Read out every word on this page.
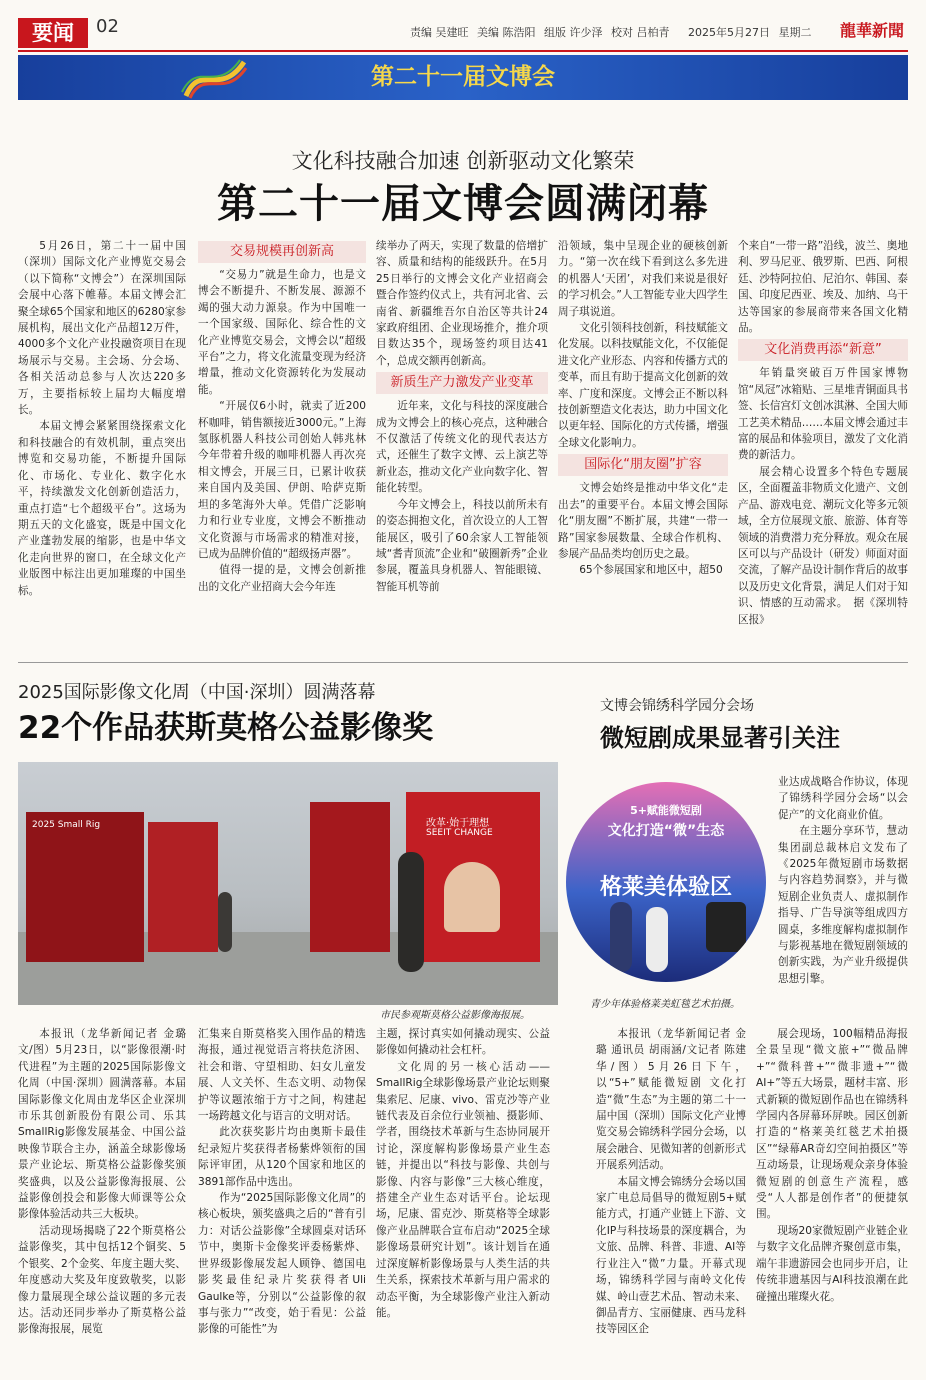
要闻	02	责编 吴建旺 美编 陈浩阳 组版 许少泽 校对 吕柏青 2025年5月27日 星期二	龍華新聞
第二十一届文博会
文化科技融合加速 创新驱动文化繁荣
第二十一届文博会圆满闭幕

5月26日，第二十一届中国（深圳）国际文化产业博览交易会（以下简称“文博会”）在深圳国际会展中心落下帷幕。本届文博会汇聚全球65个国家和地区的6280家参展机构，展出文化产品超12万件，4000多个文化产业投融资项目在现场展示与交易。主会场、分会场、各相关活动总参与人次达220多万，主要指标较上届均大幅度增长。

本届文博会紧紧围绕探索文化和科技融合的有效机制，重点突出博览和交易功能，不断提升国际化、市场化、专业化、数字化水平，持续激发文化创新创造活力，重点打造“七个超级平台”。这场为期五天的文化盛宴，既是中国文化产业蓬勃发展的缩影，也是中华文化走向世界的窗口，在全球文化产业版图中标注出更加璀璨的中国坐标。

交易规模再创新高

“交易力”就是生命力，也是文博会不断提升、不断发展、源源不竭的强大动力源泉。作为中国唯一一个国家级、国际化、综合性的文化产业博览交易会，文博会以“超级平台”之力，将文化流量变现为经济增量，推动文化资源转化为发展动能。

“开展仅6小时，就卖了近200杯咖啡，销售额接近3000元。”上海氢豚机器人科技公司创始人韩兆林今年带着升级的咖啡机器人再次亮相文博会，开展三日，已累计收获来自国内及美国、伊朗、哈萨克斯坦的多笔海外大单。凭借广泛影响力和行业专业度，文博会不断推动文化资源与市场需求的精准对接，已成为品牌价值的“超级扬声器”。

值得一提的是，文博会创新推出的文化产业招商大会今年连

续举办了两天，实现了数量的倍增扩容、质量和结构的能级跃升。在5月25日举行的文博会文化产业招商会暨合作签约仪式上，共有河北省、云南省、新疆维吾尔自治区等共计24家政府组团、企业现场推介，推介项目数达35个，现场签约项目达41个，总成交额再创新高。

新质生产力激发产业变革

近年来，文化与科技的深度融合成为文博会上的核心亮点，这种融合不仅激活了传统文化的现代表达方式，还催生了数字文博、云上演艺等新业态，推动文化产业向数字化、智能化转型。

今年文博会上，科技以前所未有的姿态拥抱文化，首次设立的人工智能展区，吸引了60余家人工智能领域“耆青顶流”企业和“破圈新秀”企业参展，覆盖具身机器人、智能眼镜、智能耳机等前

沿领域，集中呈现企业的硬核创新力。“第一次在线下看到这么多先进的机器人‘天团’，对我们来说是很好的学习机会。”人工智能专业大四学生周子琪说道。

文化引领科技创新，科技赋能文化发展。以科技赋能文化，不仅能促进文化产业形态、内容和传播方式的变革，而且有助于提高文化创新的效率、广度和深度。文博会正不断以科技创新塑造文化表达，助力中国文化以更年轻、国际化的方式传播，增强全球文化影响力。

国际化“朋友圈”扩容

文博会始终是推动中华文化“走出去”的重要平台。本届文博会国际化“朋友圈”不断扩展，共建“一带一路”国家参展数量、全球合作机构、参展产品品类均创历史之最。

65个参展国家和地区中，超50

个来自“一带一路”沿线，波兰、奥地利、罗马尼亚、俄罗斯、巴西、阿根廷、沙特阿拉伯、尼泊尔、韩国、泰国、印度尼西亚、埃及、加纳、乌干达等国家的参展商带来各国文化精品。

文化消费再添“新意”

年销量突破百万件国家博物馆“凤冠”冰箱贴、三星堆青铜面具书签、长信宫灯文创冰淇淋、全国大师工艺美术精品……本届文博会通过丰富的展品和体验项目，激发了文化消费的新活力。

展会精心设置多个特色专题展区，全面覆盖非物质文化遗产、文创产品、游戏电竞、潮玩文化等多元领域，全方位展现文旅、旅游、体育等领域的消费潜力充分释放。观众在展区可以与产品设计（研发）师面对面交流，了解产品设计制作背后的故事以及历史文化背景，满足人们对于知识、情感的互动需求。　据《深圳特区报》

2025国际影像文化周（中国·深圳）圆满落幕
22个作品获斯莫格公益影像奖
2025 Small Rig	改革·始于理想
SEEIT CHANGE
市民参观斯莫格公益影像海报展。

本报讯（龙华新闻记者 金璐 文/图）5月23日，以“影像很潮·时代进程”为主题的2025国际影像文化周（中国·深圳）圆满落幕。本届国际影像文化周由龙华区企业深圳市乐其创新股份有限公司、乐其SmallRig影像发展基金、中国公益映像节联合主办，涵盖全球影像场景产业论坛、斯莫格公益影像奖颁奖盛典，以及公益影像海报展、公益影像创投会和影像大师课等公众影像体验活动共三大板块。

活动现场揭晓了22个斯莫格公益影像奖，其中包括12个铜奖、5个银奖、2个金奖、年度主题大奖、年度感动大奖及年度致敬奖，以影像力量展现全球公益议题的多元表达。活动还同步举办了斯莫格公益影像海报展，展览

汇集来自斯莫格奖入围作品的精选海报，通过视觉语言将扶危济困、社会和谐、守望相助、妇女儿童发展、人文关怀、生态文明、动物保护等议题浓缩于方寸之间，构建起一场跨越文化与语言的文明对话。

此次获奖影片均由奥斯卡最佳纪录短片奖获得者杨紫烨领衔的国际评审团，从120个国家和地区的3891部作品中选出。

作为“2025国际影像文化周”的核心板块，颁奖盛典之后的“普有引力：对话公益影像”全球圆桌对话环节中，奥斯卡金像奖评委杨紫烨、世界级影像展发起人顾铮、德国电影奖最佳纪录片奖获得者Uli Gaulke等，分别以“公益影像的叙事与张力”“改变，始于看见：公益影像的可能性”为

主题，探讨真实如何撬动现实、公益影像如何撬动社会杠杆。

文化周的另一核心活动——SmallRig全球影像场景产业论坛则聚集索尼、尼康、vivo、雷克沙等产业链代表及百余位行业领袖、摄影师、学者，围绕技术革新与生态协同展开讨论，深度解构影像场景产业生态链，并提出以“科技与影像、共创与影像、内容与影像”三大核心维度，搭建全产业生态对话平台。论坛现场，尼康、雷克沙、斯莫格等全球影像产业品牌联合宣布启动“2025全球影像场景研究计划”。该计划旨在通过深度解析影像场景与人类生活的共生关系，探索技术革新与用户需求的动态平衡，为全球影像产业注入新动能。

文博会锦绣科学园分会场
微短剧成果显著引关注
5+赋能微短剧
文化打造“微”生态
格莱美体验区
青少年体验格莱美虹毯艺术拍摄。

业达成战略合作协议，体现了锦绣科学园分会场“以会促产”的文化商业价值。

在主题分享环节，慧动集团副总裁林启文发布了《2025年微短剧市场数据与内容趋势洞察》，并与微短剧企业负责人、虚拟制作指导、广告导演等组成四方圆桌，多维度解构虚拟制作与影视基地在微短剧领域的创新实践，为产业升级提供思想引擎。

本报讯（龙华新闻记者 金璐 通讯员 胡雨涵/文记者 陈建华/图）5月26日下午，以“5+”赋能微短剧 文化打造“微”生态”为主题的第二十一届中国（深圳）国际文化产业博览交易会锦绣科学园分会场，以展会融合、见微知著的创新形式开展系列活动。

本届文博会锦绣分会场以国家广电总局倡导的微短剧5+赋能方式，打通产业链上下游、文化IP与科技场景的深度耦合，为文旅、品牌、科普、非遗、AI等行业注入“微”力量。开幕式现场，锦绣科学园与南岭文化传媒、岭山壹艺术品、智动未来、御品青方、宝丽健康、西马龙科技等园区企

展会现场，100幅精品海报全景呈现“微文旅+”“微品牌+”“微科普+”“微非遗+”“微AI+”等五大场景，题材丰富、形式新颖的微短剧作品也在锦绣科学园内各屏幕环屏映。园区创新打造的“格莱美红毯艺术拍摄区”“绿幕AR奇幻空间拍摄区”等互动场景，让现场观众亲身体验微短剧的创意生产流程，感受“人人都是创作者”的便捷氛围。

现场20家微短剧产业链企业与数字文化品牌齐聚创意市集，端午非遗游园会也同步开启，让传统非遗基因与AI科技浪潮在此碰撞出璀璨火花。
